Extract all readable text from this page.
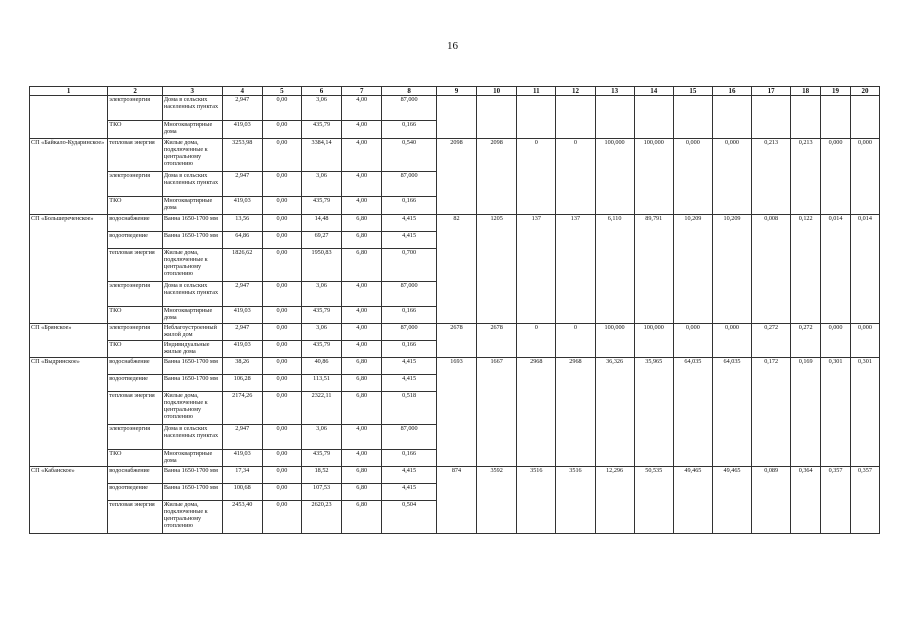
16
1	2	3	4	5	6	7	8	9	10	11	12	13	14	15	16	17	18	19	20
	электроэнергия	Дома в сельских населенных пунктах	2,947	0,00	3,06	4,00	87,000												
	ТКО	Многоквартирные дома	419,03	0,00	435,79	4,00	0,166												
СП «Байкало-Кударинское»	тепловая энергия	Жилые дома, подключенные к центральному отоплению	3253,98	0,00	3384,14	4,00	0,540	2098	2098	0	0	100,000	100,000	0,000	0,000	0,213	0,213	0,000	0,000
	электроэнергия	Дома в сельских населенных пунктах	2,947	0,00	3,06	4,00	87,000												
	ТКО	Многоквартирные дома	419,03	0,00	435,79	4,00	0,166												
СП «Большереченское»	водоснабжение	Ванна 1650-1700 мм	13,56	0,00	14,48	6,80	4,415	82	1205	137	137	6,110	89,791	10,209	10,209	0,008	0,122	0,014	0,014
	водоотведение	Ванна 1650-1700 мм	64,86	0,00	69,27	6,80	4,415												
	тепловая энергия	Жилые дома, подключенные к центральному отоплению	1826,62	0,00	1950,83	6,80	0,700												
	электроэнергия	Дома в сельских населенных пунктах	2,947	0,00	3,06	4,00	87,000												
	ТКО	Многоквартирные дома	419,03	0,00	435,79	4,00	0,166												
СП «Брянское»	электроэнергия	Неблагоустроенный жилой дом	2,947	0,00	3,06	4,00	87,000	2678	2678	0	0	100,000	100,000	0,000	0,000	0,272	0,272	0,000	0,000
	ТКО	Индивидуальные жилые дома	419,03	0,00	435,79	4,00	0,166												
СП «Выдринское»	водоснабжение	Ванна 1650-1700 мм	38,26	0,00	40,86	6,80	4,415	1693	1667	2968	2968	36,326	35,965	64,035	64,035	0,172	0,169	0,301	0,301
	водоотведение	Ванна 1650-1700 мм	106,28	0,00	113,51	6,80	4,415												
	тепловая энергия	Жилые дома, подключенные к центральному отоплению	2174,26	0,00	2322,11	6,80	0,518												
	электроэнергия	Дома в сельских населенных пунктах	2,947	0,00	3,06	4,00	87,000												
	ТКО	Многоквартирные дома	419,03	0,00	435,79	4,00	0,166												
СП «Кабанское»	водоснабжение	Ванна 1650-1700 мм	17,34	0,00	18,52	6,80	4,415	874	3592	3516	3516	12,296	50,535	49,465	49,465	0,089	0,364	0,357	0,357
	водоотведение	Ванна 1650-1700 мм	100,68	0,00	107,53	6,80	4,415												
	тепловая энергия	Жилые дома, подключенные к центральному отоплению	2453,40	0,00	2620,23	6,80	0,504												
